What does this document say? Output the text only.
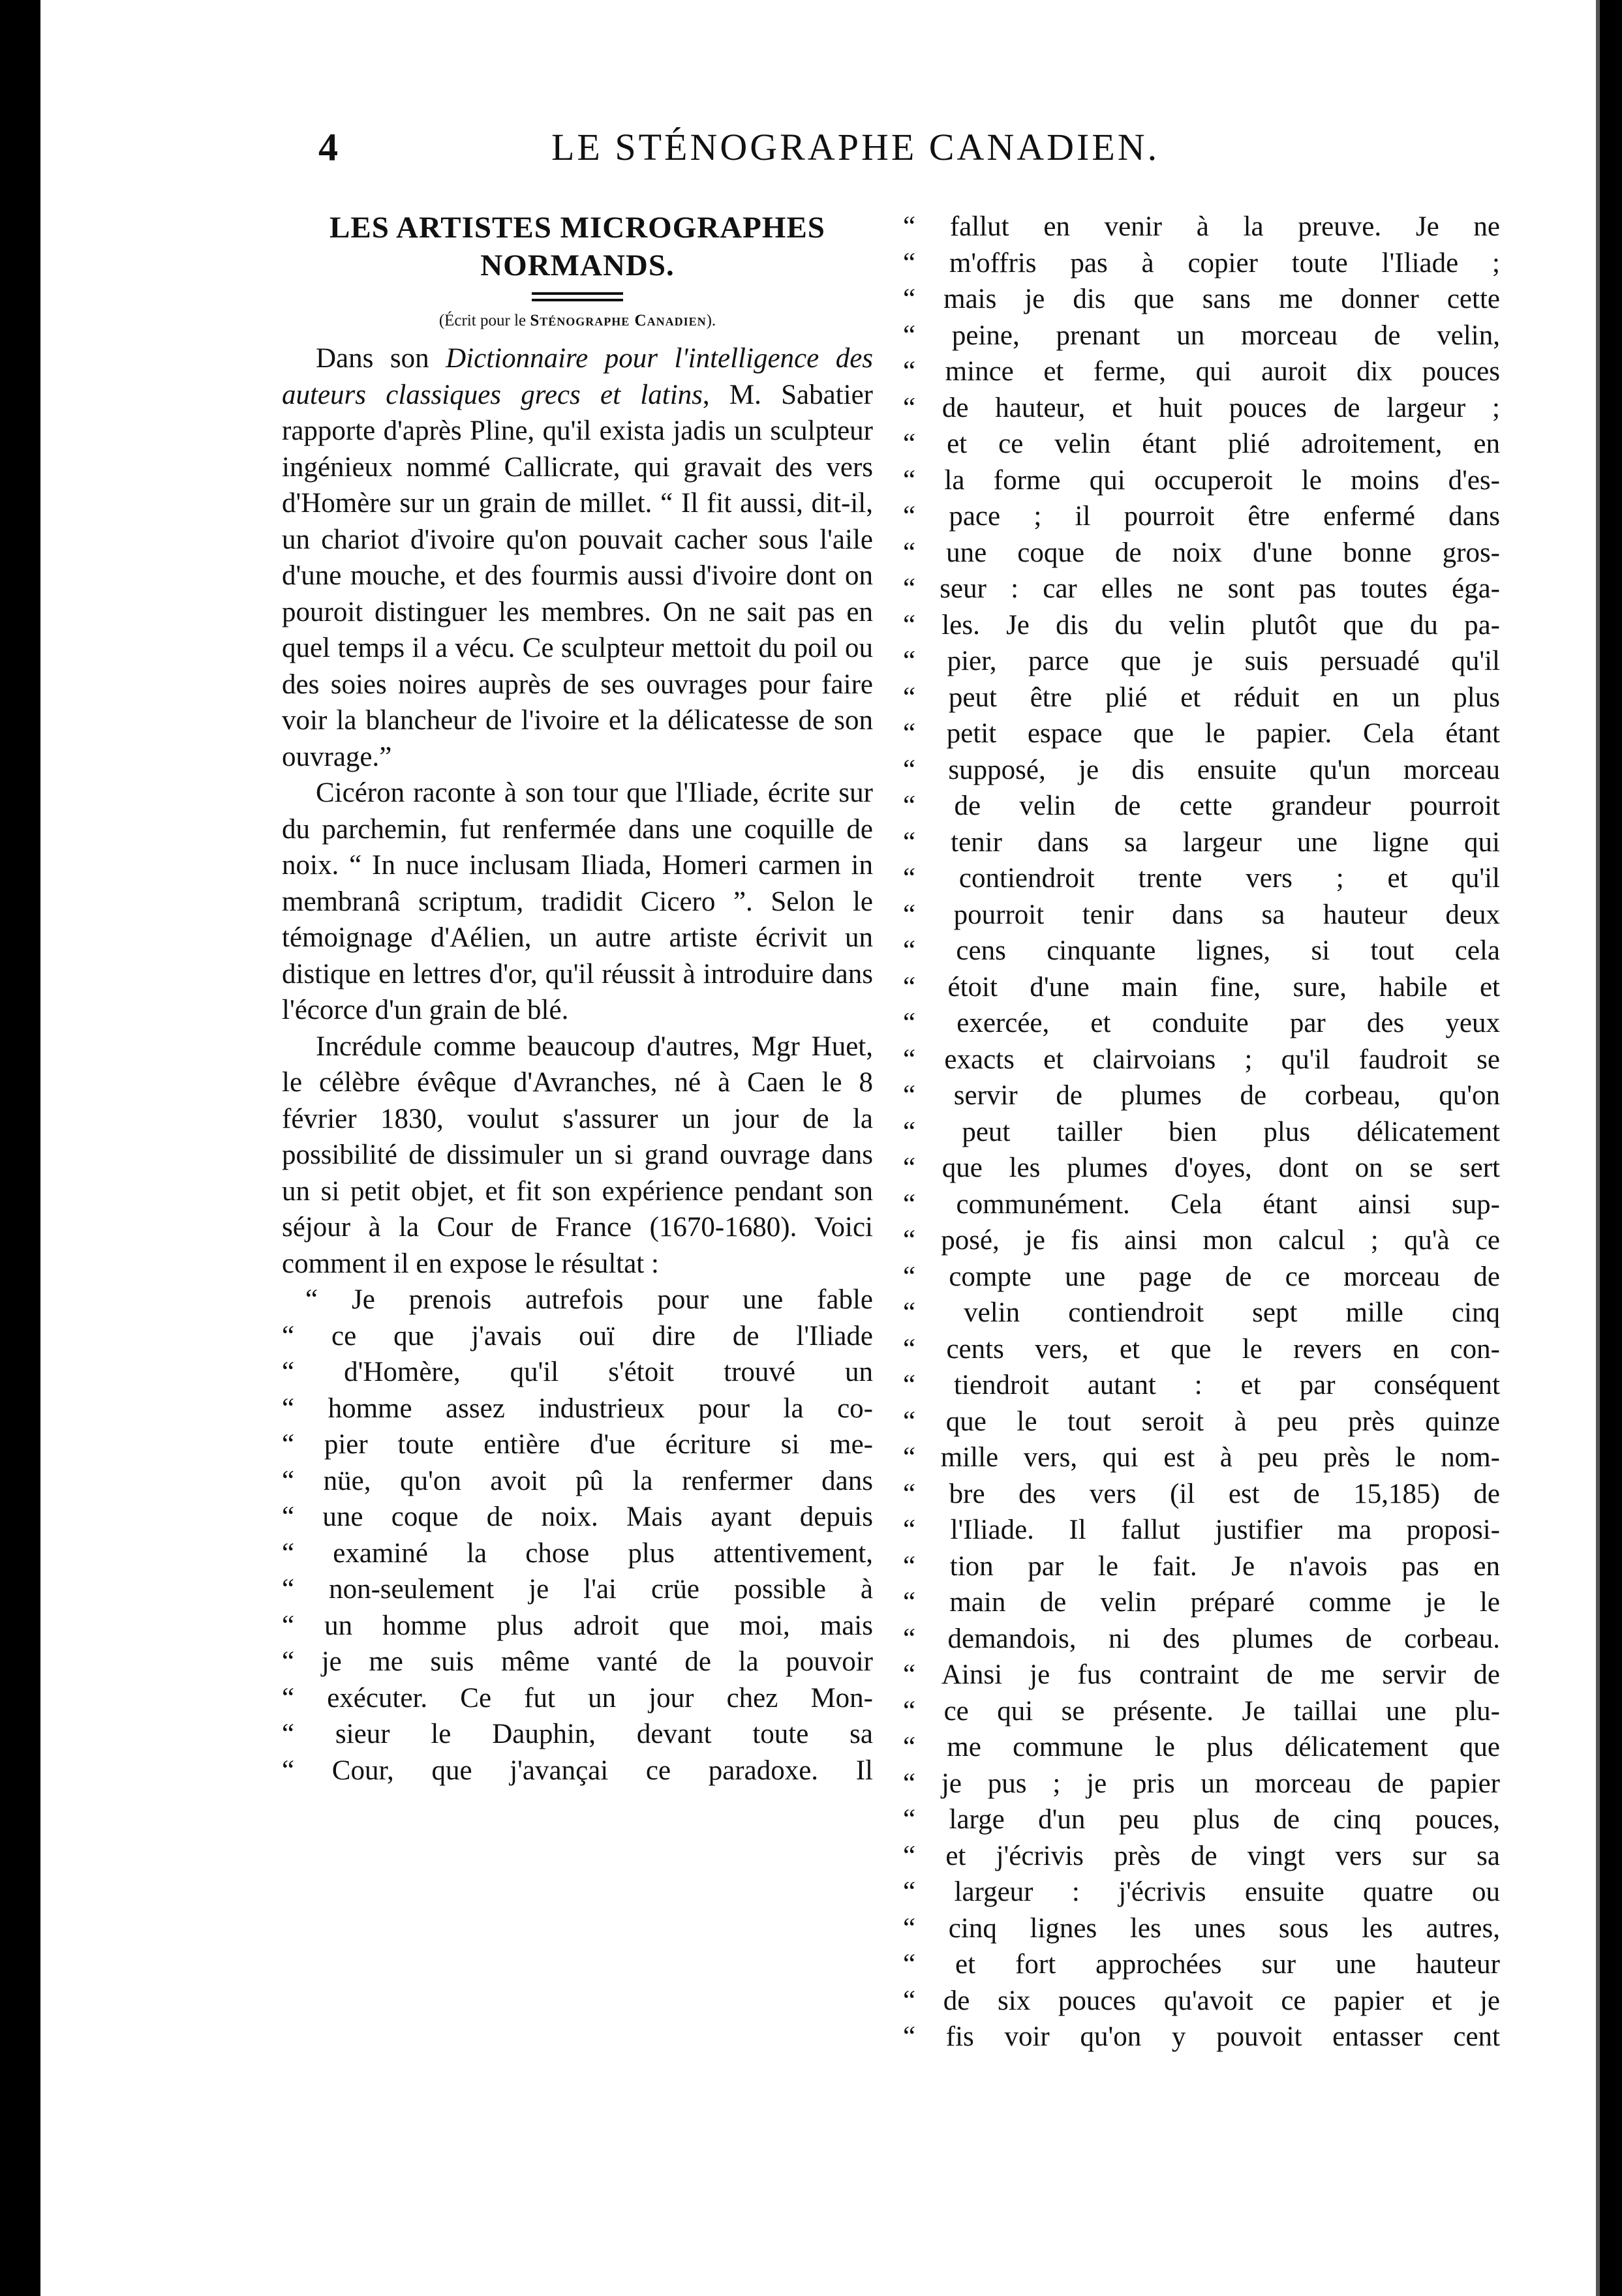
4	LE STÉNOGRAPHE CANADIEN.
LES ARTISTES MICROGRAPHES
NORMANDS.
(Écrit pour le Sténographe Canadien).

Dans son Dictionnaire pour l'intelligence des auteurs classiques grecs et latins, M. Sabatier rapporte d'après Pline, qu'il exista jadis un sculpteur ingénieux nommé Callicrate, qui gravait des vers d'Homère sur un grain de millet. “ Il fit aussi, dit-il, un chariot d'ivoire qu'on pouvait cacher sous l'aile d'une mouche, et des fourmis aussi d'ivoire dont on pouroit distinguer les membres. On ne sait pas en quel temps il a vécu. Ce sculpteur mettoit du poil ou des soies noires auprès de ses ouvrages pour faire voir la blancheur de l'ivoire et la délicatesse de son ouvrage.”

Cicéron raconte à son tour que l'Iliade, écrite sur du parchemin, fut renfermée dans une coquille de noix. “ In nuce inclusam Iliada, Homeri carmen in membranâ scriptum, tradidit Cicero ”. Selon le témoignage d'Aélien, un autre artiste écrivit un distique en lettres d'or, qu'il réussit à introduire dans l'écorce d'un grain de blé.

Incrédule comme beaucoup d'autres, Mgr Huet, le célèbre évêque d'Avranches, né à Caen le 8 février 1830, voulut s'assurer un jour de la possibilité de dissimuler un si grand ouvrage dans un si petit objet, et fit son expérience pendant son séjour à la Cour de France (1670-1680). Voici comment il en expose le résultat :

“ Je prenois autrefois pour une fable
“ ce que j'avais ouï dire de l'Iliade
“ d'Homère, qu'il s'étoit trouvé un
“ homme assez industrieux pour la co-
“ pier toute entière d'ue écriture si me-
“ nüe, qu'on avoit pû la renfermer dans
“ une coque de noix. Mais ayant depuis
“ examiné la chose plus attentivement,
“ non-seulement je l'ai crüe possible à
“ un homme plus adroit que moi, mais
“ je me suis même vanté de la pouvoir
“ exécuter. Ce fut un jour chez Mon-
“ sieur le Dauphin, devant toute sa
“ Cour, que j'avançai ce paradoxe. Il
“ fallut en venir à la preuve. Je ne
“ m'offris pas à copier toute l'Iliade ;
“ mais je dis que sans me donner cette
“ peine, prenant un morceau de velin,
“ mince et ferme, qui auroit dix pouces
“ de hauteur, et huit pouces de largeur ;
“ et ce velin étant plié adroitement, en
“ la forme qui occuperoit le moins d'es-
“ pace ; il pourroit être enfermé dans
“ une coque de noix d'une bonne gros-
“ seur : car elles ne sont pas toutes éga-
“ les. Je dis du velin plutôt que du pa-
“ pier, parce que je suis persuadé qu'il
“ peut être plié et réduit en un plus
“ petit espace que le papier. Cela étant
“ supposé, je dis ensuite qu'un morceau
“ de velin de cette grandeur pourroit
“ tenir dans sa largeur une ligne qui
“ contiendroit trente vers ; et qu'il
“ pourroit tenir dans sa hauteur deux
“ cens cinquante lignes, si tout cela
“ étoit d'une main fine, sure, habile et
“ exercée, et conduite par des yeux
“ exacts et clairvoians ; qu'il faudroit se
“ servir de plumes de corbeau, qu'on
“ peut tailler bien plus délicatement
“ que les plumes d'oyes, dont on se sert
“ communément. Cela étant ainsi sup-
“ posé, je fis ainsi mon calcul ; qu'à ce
“ compte une page de ce morceau de
“ velin contiendroit sept mille cinq
“ cents vers, et que le revers en con-
“ tiendroit autant : et par conséquent
“ que le tout seroit à peu près quinze
“ mille vers, qui est à peu près le nom-
“ bre des vers (il est de 15,185) de
“ l'Iliade. Il fallut justifier ma proposi-
“ tion par le fait. Je n'avois pas en
“ main de velin préparé comme je le
“ demandois, ni des plumes de corbeau.
“ Ainsi je fus contraint de me servir de
“ ce qui se présente. Je taillai une plu-
“ me commune le plus délicatement que
“ je pus ; je pris un morceau de papier
“ large d'un peu plus de cinq pouces,
“ et j'écrivis près de vingt vers sur sa
“ largeur : j'écrivis ensuite quatre ou
“ cinq lignes les unes sous les autres,
“ et fort approchées sur une hauteur
“ de six pouces qu'avoit ce papier et je
“ fis voir qu'on y pouvoit entasser cent
